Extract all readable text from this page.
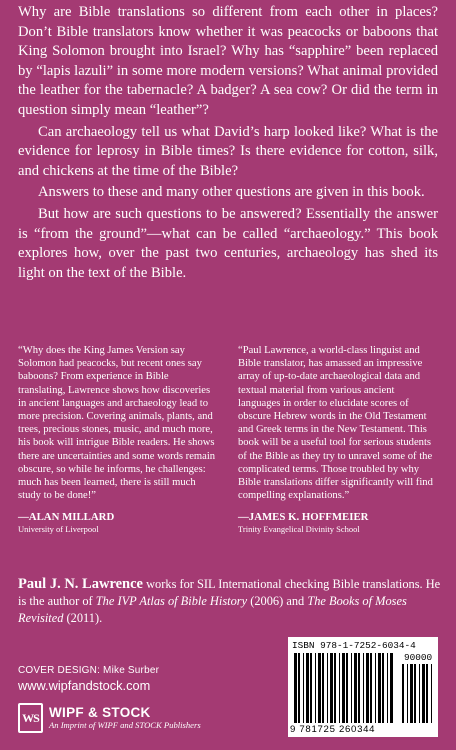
Why are Bible translations so different from each other in places? Don’t Bible translators know whether it was peacocks or baboons that King Solomon brought into Israel? Why has “sapphire” been replaced by “lapis lazuli” in some more modern versions? What animal provided the leather for the tabernacle? A badger? A sea cow? Or did the term in question simply mean “leather”?

Can archaeology tell us what David’s harp looked like? What is the evidence for leprosy in Bible times? Is there evidence for cotton, silk, and chickens at the time of the Bible?

Answers to these and many other questions are given in this book.

But how are such questions to be answered? Essentially the answer is “from the ground”—what can be called “archaeology.” This book explores how, over the past two centuries, archaeology has shed its light on the text of the Bible.

“Why does the King James Version say Solomon had peacocks, but recent ones say baboons? From experience in Bible translating, Lawrence shows how discoveries in ancient languages and archaeology lead to more precision. Covering animals, plants, and trees, precious stones, music, and much more, his book will intrigue Bible readers. He shows there are uncertainties and some words remain obscure, so while he informs, he challenges: much has been learned, there is still much study to be done!”

—ALAN MILLARD

University of Liverpool

“Paul Lawrence, a world-class linguist and Bible translator, has amassed an impressive array of up-to-date archaeological data and textual material from various ancient languages in order to elucidate scores of obscure Hebrew words in the Old Testament and Greek terms in the New Testament. This book will be a useful tool for serious students of the Bible as they try to unravel some of the complicated terms. Those troubled by why Bible translations differ significantly will find compelling explanations.”

—JAMES K. HOFFMEIER

Trinity Evangelical Divinity School

Paul J. N. Lawrence works for SIL International checking Bible translations. He is the author of The IVP Atlas of Bible History (2006) and The Books of Moses Revisited (2011).
COVER DESIGN: Mike Surber
www.wipfandstock.com
WS WIPF & STOCK
An Imprint of WIPF and STOCK Publishers
ISBN 978-1-7252-6034-4
90000
9 781725 260344
